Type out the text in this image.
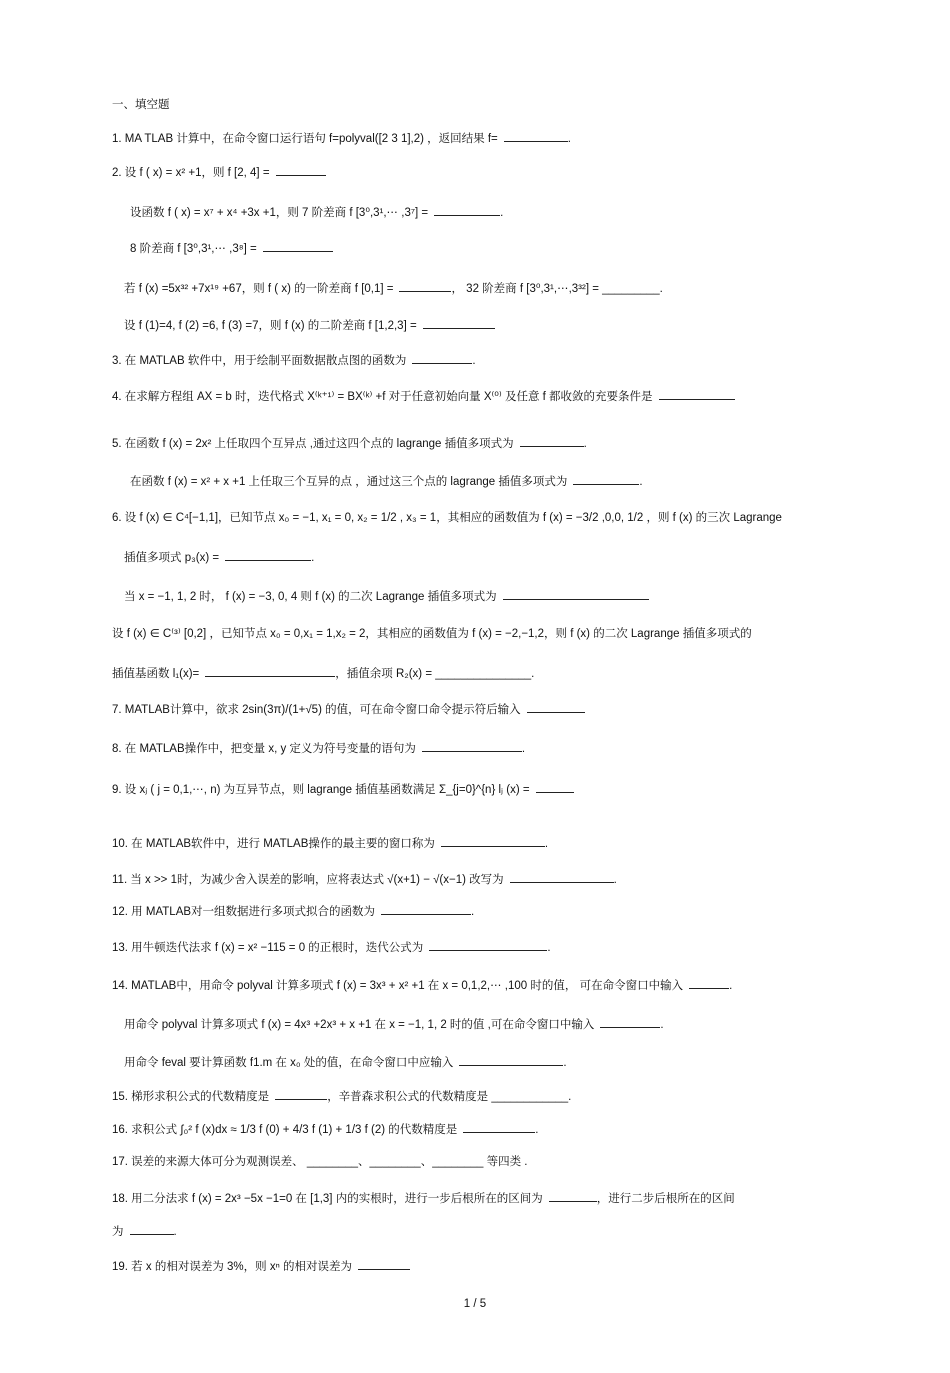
一、填空题
1. MA TLAB 计算中，在命令窗口运行语句 f=polyval([2 3 1],2) ，返回结果 f=	.
2. 设 f ( x) = x² +1，则 f [2, 4] =
设函数 f ( x) = x⁷ + x⁴ +3x +1，则 7 阶差商 f [3⁰,3¹,⋯ ,3⁷] =	.
8 阶差商 f [3⁰,3¹,⋯ ,3⁸] =
若 f (x) =5x³² +7x¹⁹ +67，则 f ( x) 的一阶差商 f [0,1] =	， 32 阶差商 f [3⁰,3¹,⋯,3³²] = _________.
设 f (1)=4, f (2) =6, f (3) =7，则 f (x) 的二阶差商 f [1,2,3] =
3. 在 MATLAB 软件中，用于绘制平面数据散点图的函数为	.
4. 在求解方程组 AX = b 时，迭代格式 X⁽ᵏ⁺¹⁾ = BX⁽ᵏ⁾ +f 对于任意初始向量 X⁽⁰⁾ 及任意 f 都收敛的充要条件是
5. 在函数 f (x) = 2x² 上任取四个互异点 ,通过这四个点的 lagrange 插值多项式为	.
在函数 f (x) = x² + x +1 上任取三个互异的点 ，通过这三个点的 lagrange 插值多项式为	.
6. 设 f (x) ∈ C⁴[−1,1]，已知节点 x₀ = −1, x₁ = 0, x₂ = 1/2 , x₃ = 1，其相应的函数值为 f (x) = −3/2 ,0,0, 1/2 ，则 f (x) 的三次 Lagrange
插值多项式 p₃(x) =	.
当 x = −1, 1, 2 时， f (x) = −3, 0, 4 则 f (x) 的二次 Lagrange 插值多项式为
设 f (x) ∈ C⁽³⁾ [0,2] ，已知节点 x₀ = 0,x₁ = 1,x₂ = 2，其相应的函数值为 f (x) = −2,−1,2，则 f (x) 的二次 Lagrange 插值多项式的
插值基函数 l₁(x)=	，插值余项 R₂(x) = _______________.
7. MATLAB计算中，欲求 2sin(3π)/(1+√5) 的值，可在命令窗口命令提示符后输入
8. 在 MATLAB操作中，把变量 x, y 定义为符号变量的语句为	.
9. 设 xⱼ ( j = 0,1,⋯, n) 为互异节点，则 lagrange 插值基函数满足 Σ_{j=0}^{n} lⱼ (x) =
10. 在 MATLAB软件中，进行 MATLAB操作的最主要的窗口称为	.
11. 当 x >> 1时，为减少舍入误差的影响，应将表达式 √(x+1) − √(x−1) 改写为	.
12. 用 MATLAB对一组数据进行多项式拟合的函数为	.
13. 用牛顿迭代法求 f (x) = x² −115 = 0 的正根时，迭代公式为	.
14. MATLAB中，用命令 polyval 计算多项式 f (x) = 3x³ + x² +1 在 x = 0,1,2,⋯ ,100 时的值， 可在命令窗口中输入	.
用命令 polyval 计算多项式 f (x) = 4x³ +2x³ + x +1 在 x = −1, 1, 2 时的值 ,可在命令窗口中输入	.
用命令 feval 要计算函数 f1.m 在 x₀ 处的值，在命令窗口中应输入	.
15. 梯形求积公式的代数精度是	，辛普森求积公式的代数精度是 ____________.
16. 求积公式 ∫₀² f (x)dx ≈ 1/3 f (0) + 4/3 f (1) + 1/3 f (2) 的代数精度是	.
17. 误差的来源大体可分为观测误差、 ________、________、________ 等四类 .
18. 用二分法求 f (x) = 2x³ −5x −1=0 在 [1,3] 内的实根时，进行一步后根所在的区间为	，进行二步后根所在的区间
为	.
19. 若 x 的相对误差为 3%，则 xⁿ 的相对误差为
1 / 5
